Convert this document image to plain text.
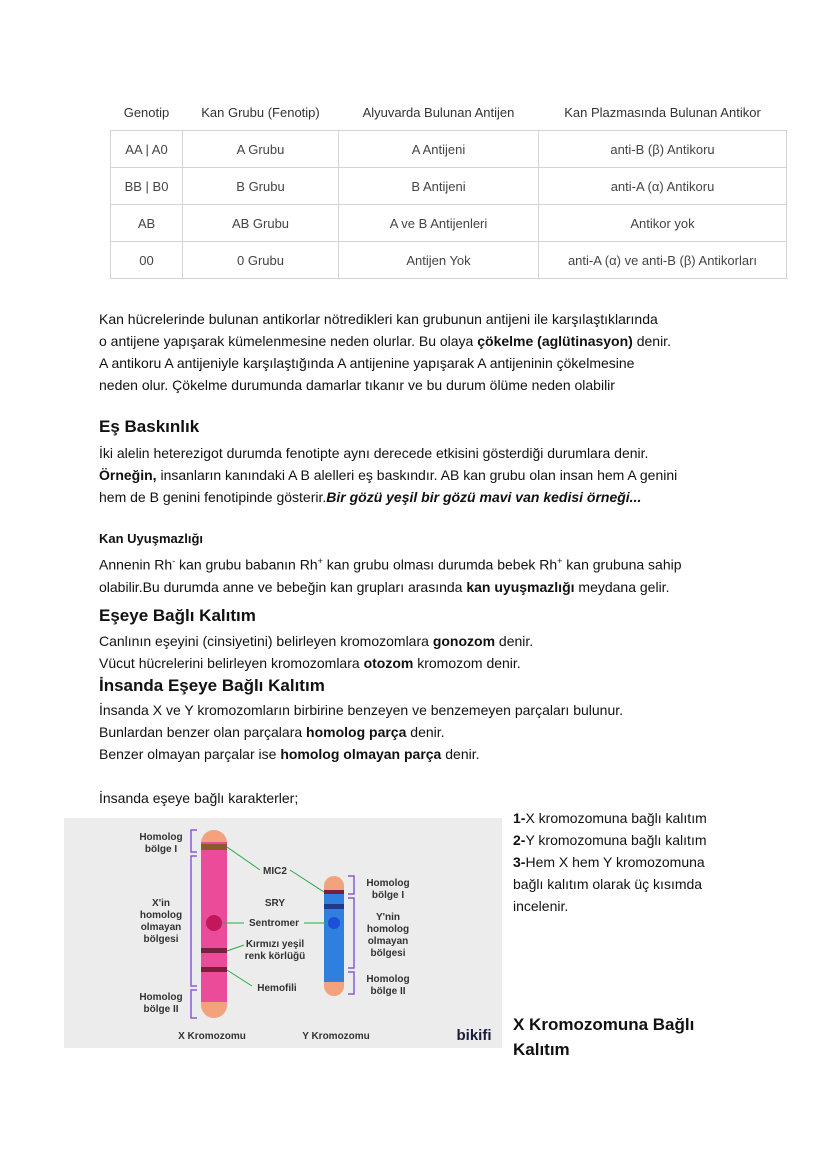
Genotip	Kan Grubu (Fenotip)	Alyuvarda Bulunan Antijen	Kan Plazmasında Bulunan Antikor
AA | A0	A Grubu	A Antijeni	anti-B (β) Antikoru
BB | B0	B Grubu	B Antijeni	anti-A (α) Antikoru
AB	AB Grubu	A ve B Antijenleri	Antikor yok
00	0 Grubu	Antijen Yok	anti-A (α) ve anti-B (β) Antikorları
Kan hücrelerinde bulunan antikorlar nötredikleri kan grubunun antijeni ile karşılaştıklarında
o antijene yapışarak kümelenmesine neden olurlar. Bu olaya çökelme (aglütinasyon) denir.
A antikoru A antijeniyle karşılaştığında A antijenine yapışarak A antijeninin çökelmesine
neden olur. Çökelme durumunda damarlar tıkanır ve bu durum ölüme neden olabilir
Eş Baskınlık
İki alelin heterezigot durumda fenotipte aynı derecede etkisini gösterdiği durumlara denir.
Örneğin, insanların kanındaki A B alelleri eş baskındır. AB kan grubu olan insan hem A genini
hem de B genini fenotipinde gösterir.Bir gözü yeşil bir gözü mavi van kedisi örneği...
Kan Uyuşmazlığı
Annenin Rh- kan grubu babanın Rh+ kan grubu olması durumda bebek Rh+ kan grubuna sahip
olabilir.Bu durumda anne ve bebeğin kan grupları arasında kan uyuşmazlığı meydana gelir.
Eşeye Bağlı Kalıtım
Canlının eşeyini (cinsiyetini) belirleyen kromozomlara gonozom denir.
Vücut hücrelerini belirleyen kromozomlara otozom kromozom denir.
İnsanda Eşeye Bağlı Kalıtım
İnsanda X ve Y kromozomların birbirine benzeyen ve benzemeyen parçaları bulunur.
Bunlardan benzer olan parçalara homolog parça denir.
Benzer olmayan parçalar ise homolog olmayan parça denir.
İnsanda eşeye bağlı karakterler;
Homolog
bölge I
X'in
homolog
olmayan
bölgesi
Homolog
bölge II
MIC2
SRY
Sentromer
Kırmızı yeşil
renk körlüğü
Hemofili
Homolog
bölge I
Y'nin
homolog
olmayan
bölgesi
Homolog
bölge II
X Kromozomu	Y Kromozomu	bikifi
1-X kromozomuna bağlı kalıtım
2-Y kromozomuna bağlı kalıtım
3-Hem X hem Y kromozomuna
bağlı kalıtım olarak üç kısımda
incelenir.
X Kromozomuna Bağlı
Kalıtım
